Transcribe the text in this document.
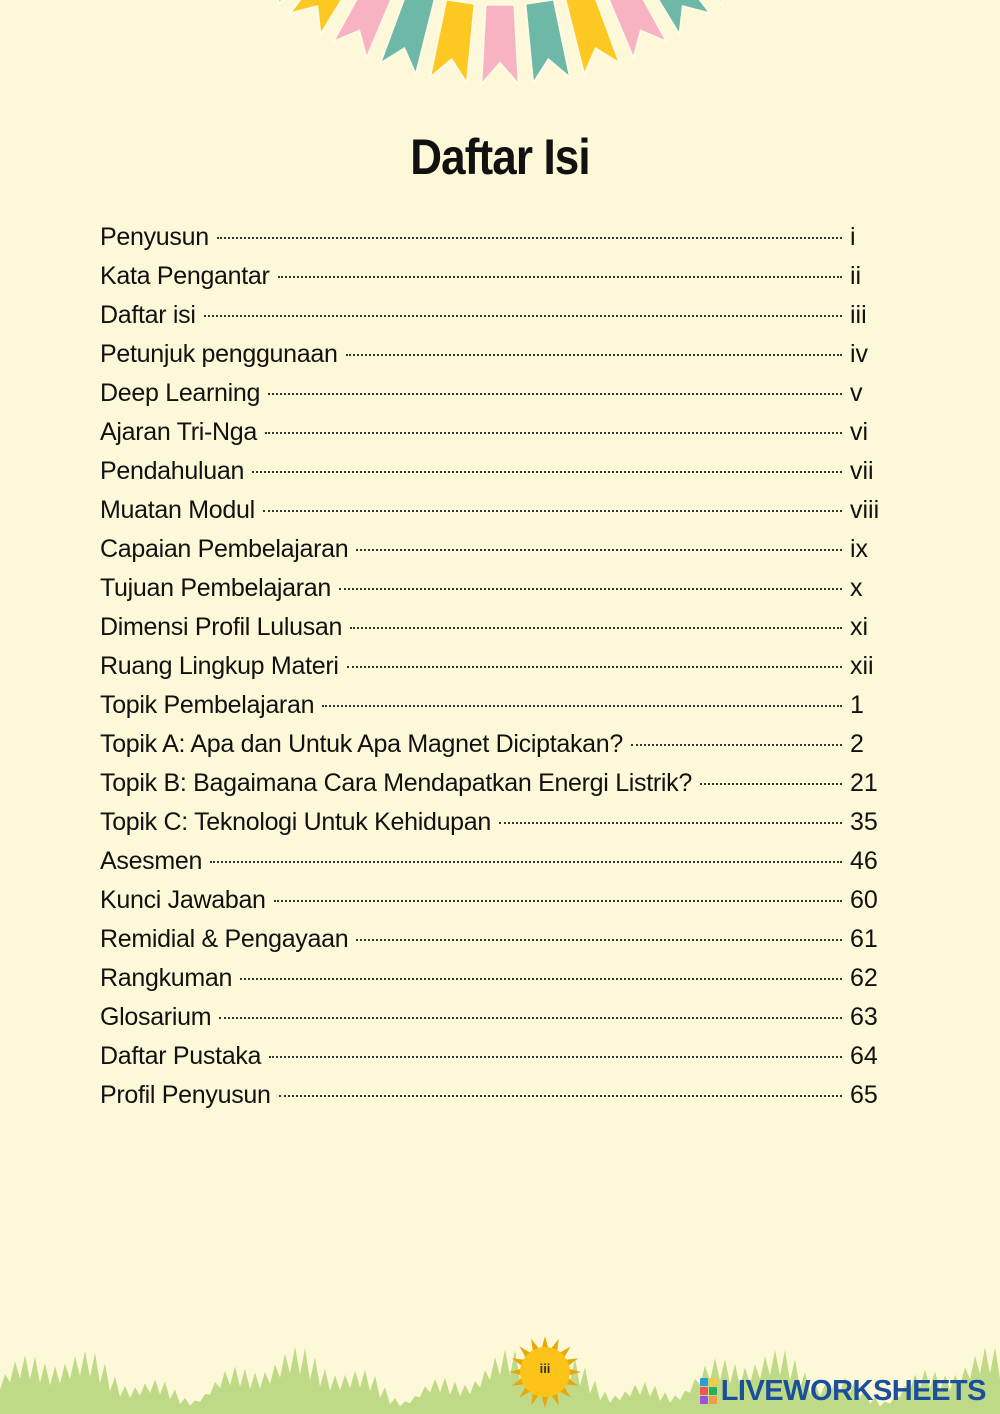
Daftar Isi
Penyusun	i
Kata Pengantar	ii
Daftar isi	iii
Petunjuk penggunaan	iv
Deep Learning	v
Ajaran Tri-Nga	vi
Pendahuluan	vii
Muatan Modul	viii
Capaian Pembelajaran	ix
Tujuan Pembelajaran	x
Dimensi Profil Lulusan	xi
Ruang Lingkup Materi	xii
Topik Pembelajaran	1
Topik A: Apa dan Untuk Apa Magnet Diciptakan?	2
Topik B: Bagaimana Cara Mendapatkan Energi Listrik?	21
Topik C: Teknologi Untuk Kehidupan	35
Asesmen	46
Kunci Jawaban	60
Remidial & Pengayaan	61
Rangkuman	62
Glosarium	63
Daftar Pustaka	64
Profil Penyusun	65
iii
LIVEWORKSHEETS
